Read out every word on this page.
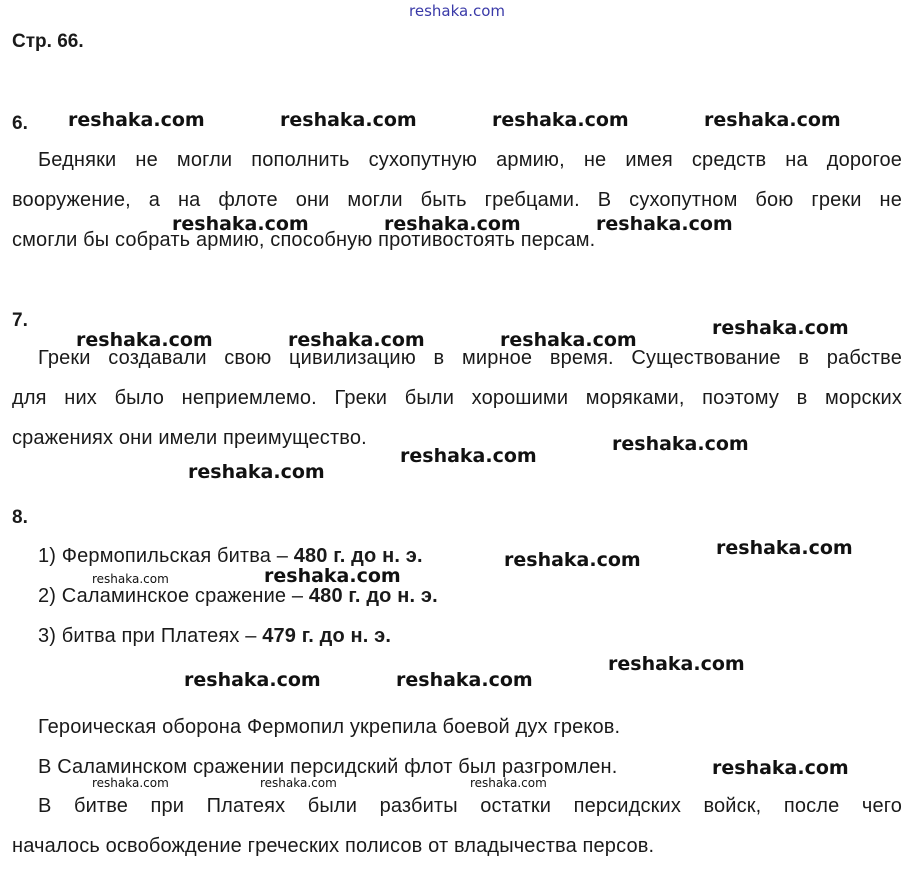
reshaka.com
Стр. 66.
6.
Бедняки не могли пополнить сухопутную армию, не имея средств на дорогое
вооружение, а на флоте они могли быть гребцами. В сухопутном бою греки не
смогли бы собрать армию, способную противостоять персам.
7.
Греки создавали свою цивилизацию в мирное время. Существование в рабстве
для них было неприемлемо. Греки были хорошими моряками, поэтому в морских
сражениях они имели преимущество.
8.
1) Фермопильская битва – 480 г. до н. э.
2) Саламинское сражение – 480 г. до н. э.
3) битва при Платеях – 479 г. до н. э.
Героическая оборона Фермопил укрепила боевой дух греков.
В Саламинском сражении персидский флот был разгромлен.
В битве при Платеях были разбиты остатки персидских войск, после чего
началось освобождение греческих полисов от владычества персов.
reshaka.com	reshaka.com	reshaka.com	reshaka.com
reshaka.com	reshaka.com	reshaka.com
reshaka.com	reshaka.com	reshaka.com
reshaka.com
reshaka.com
reshaka.com
reshaka.com
reshaka.com
reshaka.com
reshaka.com
reshaka.com
reshaka.com	reshaka.com
reshaka.com
reshaka.com
reshaka.com	reshaka.com	reshaka.com
